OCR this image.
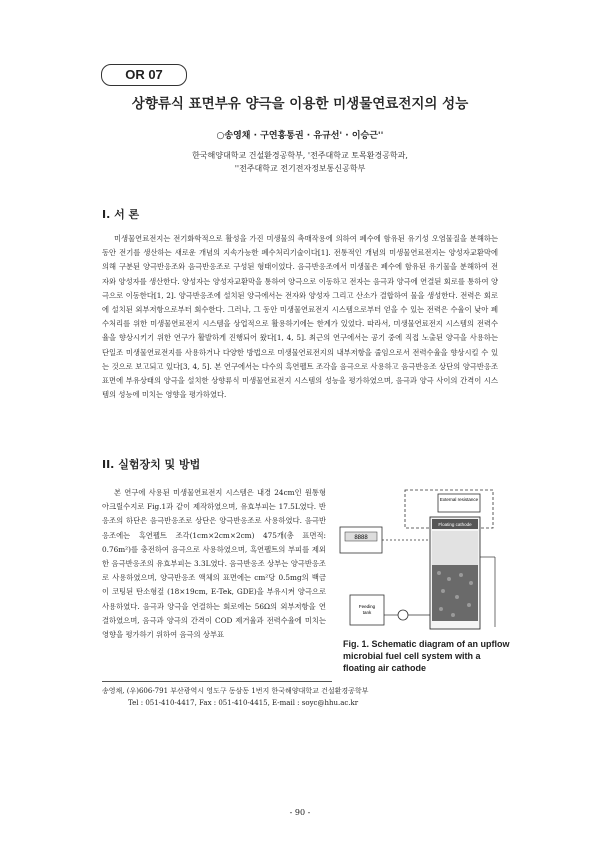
OR 07
상향류식 표면부유 양극을 이용한 미생물연료전지의 성능
○송영채 · 구연흥통권 · 유규선' · 이승근''
한국해양대학교 건설환경공학부, '전주대학교 토목환경공학과,
''전주대학교 전기전자정보통신공학부
I. 서 론
미생물연료전지는 전기화학적으로 활성을 가진 미생물의 촉매작용에 의하여 폐수에 함유된 유기성 오염물질을 분해하는 동안 전기를 생산하는 새로운 개념의 지속가능한 폐수처리기술이다[1]. 전통적인 개념의 미생물연료전지는 양성자교환막에 의해 구분된 양극반응조와 음극반응조로 구성된 형태이었다. 음극반응조에서 미생물은 폐수에 함유된 유기물을 분해하여 전자와 양성자를 생산한다. 양성자는 양성자교환막을 통하여 양극으로 이동하고 전자는 음극과 양극에 연결된 회로를 통하여 양극으로 이동한다[1, 2]. 양극반응조에 설치된 양극에서는 전자와 양성자 그리고 산소가 결합하여 물을 생성한다. 전력은 회로에 설치된 외부저항으로부터 회수한다. 그러나, 그 동안 미생물연료전지 시스템으로부터 얻을 수 있는 전력은 수율이 낮아 폐수처리를 위한 미생물연료전지 시스템을 상업적으로 활용하기에는 한계가 있었다. 따라서, 미생물연료전지 시스템의 전력수율을 향상시키기 위한 연구가 활발하게 진행되어 왔다[1, 4, 5]. 최근의 연구에서는 공기 중에 직접 노출된 양극을 사용하는 단일조 미생물연료전지를 사용하거나 다양한 방법으로 미생물연료전지의 내부저항을 줄임으로서 전력수율을 향상시킬 수 있는 것으로 보고되고 있다[3, 4, 5]. 본 연구에서는 다수의 흑연펠트 조각을 음극으로 사용하고 음극반응조 상단의 양극반응조 표면에 부유상태의 양극을 설치한 상향류식 미생물연료전지 시스템의 성능을 평가하였으며, 음극과 양극 사이의 간격이 시스템의 성능에 미치는 영향을 평가하였다.
II. 실험장치 및 방법
본 연구에 사용된 미생물연료전지 시스템은 내경 24cm인 원통형 아크릴수지로 Fig.1과 같이 제작하였으며, 유효부피는 17.5L였다. 반응조의 하단은 음극반응조로 상단은 양극반응조로 사용하였다. 음극반응조에는 흑연펠트 조각(1cm×2cm×2cm) 475개(총 표면적: 0.76m²)를 충전하여 음극으로 사용하였으며, 흑연펠트의 부피를 제외한 음극반응조의 유효부피는 3.3L였다. 음극반응조 상부는 양극반응조로 사용하였으며, 양극반응조 액체의 표면에는 cm²당 0.5mg의 백금이 코팅된 탄소형겊 (18×19cm, E-Tek, GDE)을 부유시켜 양극으로 사용하였다. 음극과 양극을 연결하는 회로에는 56Ω의 외부저항을 연결하였으며, 음극과 양극의 간격이 COD 제거율과 전력수율에 미치는 영향을 평가하기 위하여 음극의 상부표
External resistance
Floating cathode
8888
Feeding
tank
Fig. 1. Schematic diagram of an upflow microbial fuel cell system with a floating air cathode
송영채, (우)606-791 부산광역시 영도구 동삼동 1번지 한국해양대학교 건설환경공학부
Tel : 051-410-4417, Fax : 051-410-4415, E-mail : soyc@hhu.ac.kr
- 90 -
